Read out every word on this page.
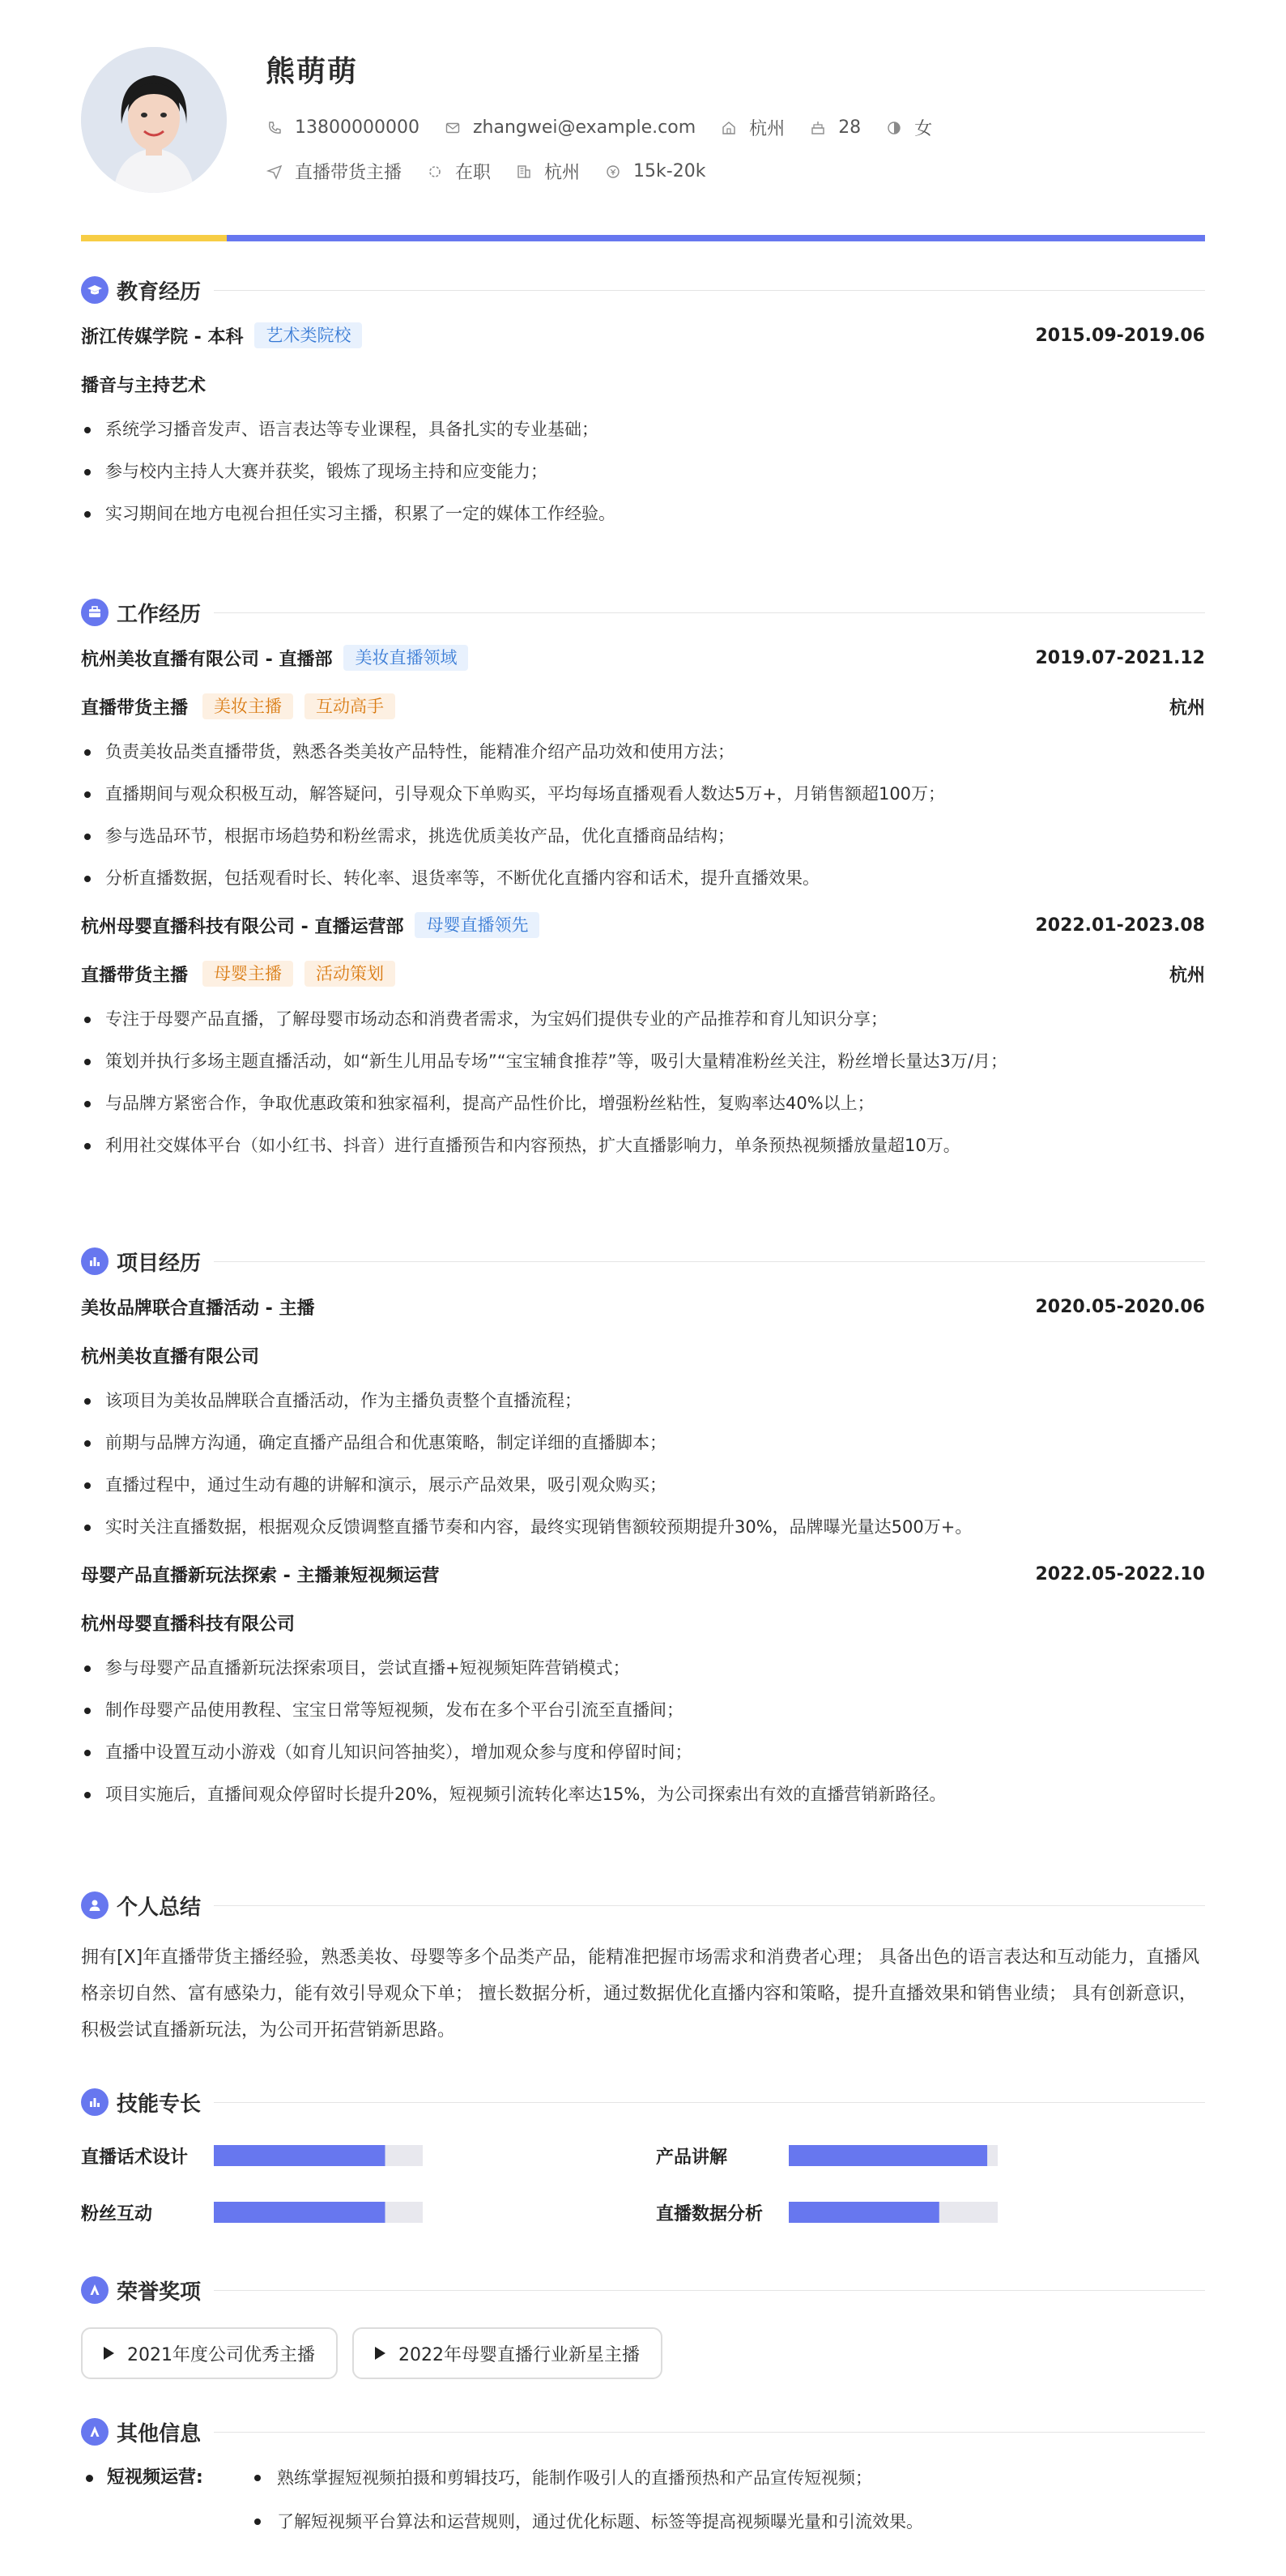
熊萌萌
13800000000	zhangwei@example.com	杭州	28	女
直播带货主播	在职	杭州	15k-20k
教育经历
浙江传媒学院 - 本科	艺术类院校	2015.09-2019.06
播音与主持艺术
系统学习播音发声、语言表达等专业课程，具备扎实的专业基础；
参与校内主持人大赛并获奖，锻炼了现场主持和应变能力；
实习期间在地方电视台担任实习主播，积累了一定的媒体工作经验。
工作经历
杭州美妆直播有限公司 - 直播部	美妆直播领域	2019.07-2021.12
直播带货主播	美妆主播	互动高手	杭州
负责美妆品类直播带货，熟悉各类美妆产品特性，能精准介绍产品功效和使用方法；
直播期间与观众积极互动，解答疑问，引导观众下单购买，平均每场直播观看人数达5万+，月销售额超100万；
参与选品环节，根据市场趋势和粉丝需求，挑选优质美妆产品，优化直播商品结构；
分析直播数据，包括观看时长、转化率、退货率等，不断优化直播内容和话术，提升直播效果。
杭州母婴直播科技有限公司 - 直播运营部	母婴直播领先	2022.01-2023.08
直播带货主播	母婴主播	活动策划	杭州
专注于母婴产品直播，了解母婴市场动态和消费者需求，为宝妈们提供专业的产品推荐和育儿知识分享；
策划并执行多场主题直播活动，如“新生儿用品专场”“宝宝辅食推荐”等，吸引大量精准粉丝关注，粉丝增长量达3万/月；
与品牌方紧密合作，争取优惠政策和独家福利，提高产品性价比，增强粉丝粘性，复购率达40%以上；
利用社交媒体平台（如小红书、抖音）进行直播预告和内容预热，扩大直播影响力，单条预热视频播放量超10万。
项目经历
美妆品牌联合直播活动 - 主播	2020.05-2020.06
杭州美妆直播有限公司
该项目为美妆品牌联合直播活动，作为主播负责整个直播流程；
前期与品牌方沟通，确定直播产品组合和优惠策略，制定详细的直播脚本；
直播过程中，通过生动有趣的讲解和演示，展示产品效果，吸引观众购买；
实时关注直播数据，根据观众反馈调整直播节奏和内容，最终实现销售额较预期提升30%，品牌曝光量达500万+。
母婴产品直播新玩法探索 - 主播兼短视频运营	2022.05-2022.10
杭州母婴直播科技有限公司
参与母婴产品直播新玩法探索项目，尝试直播+短视频矩阵营销模式；
制作母婴产品使用教程、宝宝日常等短视频，发布在多个平台引流至直播间；
直播中设置互动小游戏（如育儿知识问答抽奖），增加观众参与度和停留时间；
项目实施后，直播间观众停留时长提升20%，短视频引流转化率达15%，为公司探索出有效的直播营销新路径。
个人总结

拥有[X]年直播带货主播经验，熟悉美妆、母婴等多个品类产品，能精准把握市场需求和消费者心理； 具备出色的语言表达和互动能力，直播风格亲切自然、富有感染力，能有效引导观众下单； 擅长数据分析，通过数据优化直播内容和策略，提升直播效果和销售业绩； 具有创新意识，积极尝试直播新玩法，为公司开拓营销新思路。

技能专长
直播话术设计	产品讲解
粉丝互动	直播数据分析
荣誉奖项
2021年度公司优秀主播	2022年母婴直播行业新星主播
其他信息
短视频运营:	熟练掌握短视频拍摄和剪辑技巧，能制作吸引人的直播预热和产品宣传短视频；
了解短视频平台算法和运营规则，通过优化标题、标签等提高视频曝光量和引流效果。
